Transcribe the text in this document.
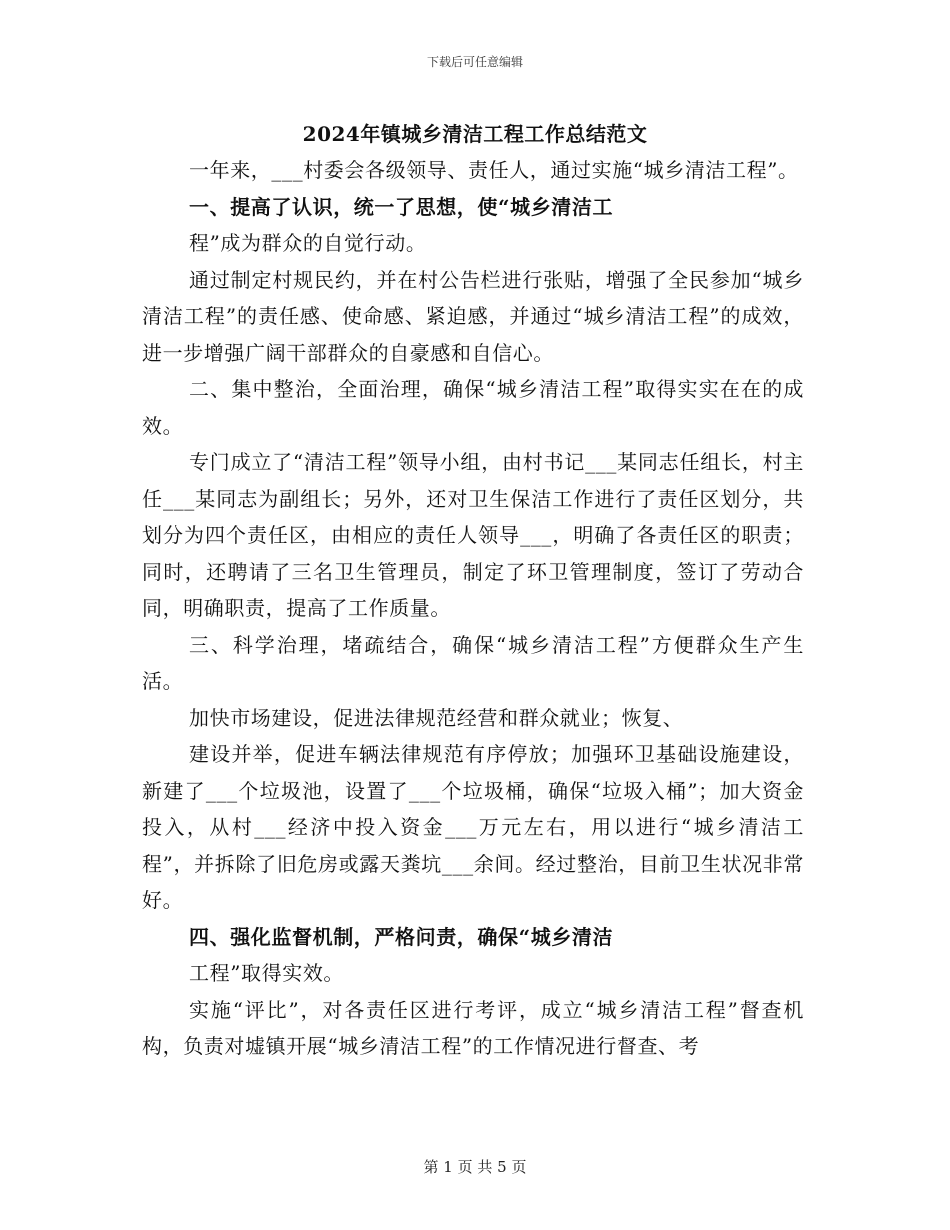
下载后可任意编辑
2024年镇城乡清洁工程工作总结范文

一年来，___村委会各级领导、责任人，通过实施“城乡清洁工程”。

一、提高了认识，统一了思想，使“城乡清洁工

程”成为群众的自觉行动。

通过制定村规民约，并在村公告栏进行张贴，增强了全民参加“城乡清洁工程”的责任感、使命感、紧迫感，并通过“城乡清洁工程”的成效，进一步增强广阔干部群众的自豪感和自信心。

二、集中整治，全面治理，确保“城乡清洁工程”取得实实在在的成效。

专门成立了“清洁工程”领导小组，由村书记___某同志任组长，村主任___某同志为副组长；另外，还对卫生保洁工作进行了责任区划分，共划分为四个责任区，由相应的责任人领导___，明确了各责任区的职责；同时，还聘请了三名卫生管理员，制定了环卫管理制度，签订了劳动合同，明确职责，提高了工作质量。

三、科学治理，堵疏结合，确保“城乡清洁工程”方便群众生产生活。

加快市场建设，促进法律规范经营和群众就业；恢复、

建设并举，促进车辆法律规范有序停放；加强环卫基础设施建设，新建了___个垃圾池，设置了___个垃圾桶，确保“垃圾入桶”；加大资金投入，从村___经济中投入资金___万元左右，用以进行“城乡清洁工程”，并拆除了旧危房或露天粪坑___余间。经过整治，目前卫生状况非常好。

四、强化监督机制，严格问责，确保“城乡清洁

工程”取得实效。

实施“评比”，对各责任区进行考评，成立“城乡清洁工程”督查机构，负责对墟镇开展“城乡清洁工程”的工作情况进行督查、考

第 1 页 共 5 页
